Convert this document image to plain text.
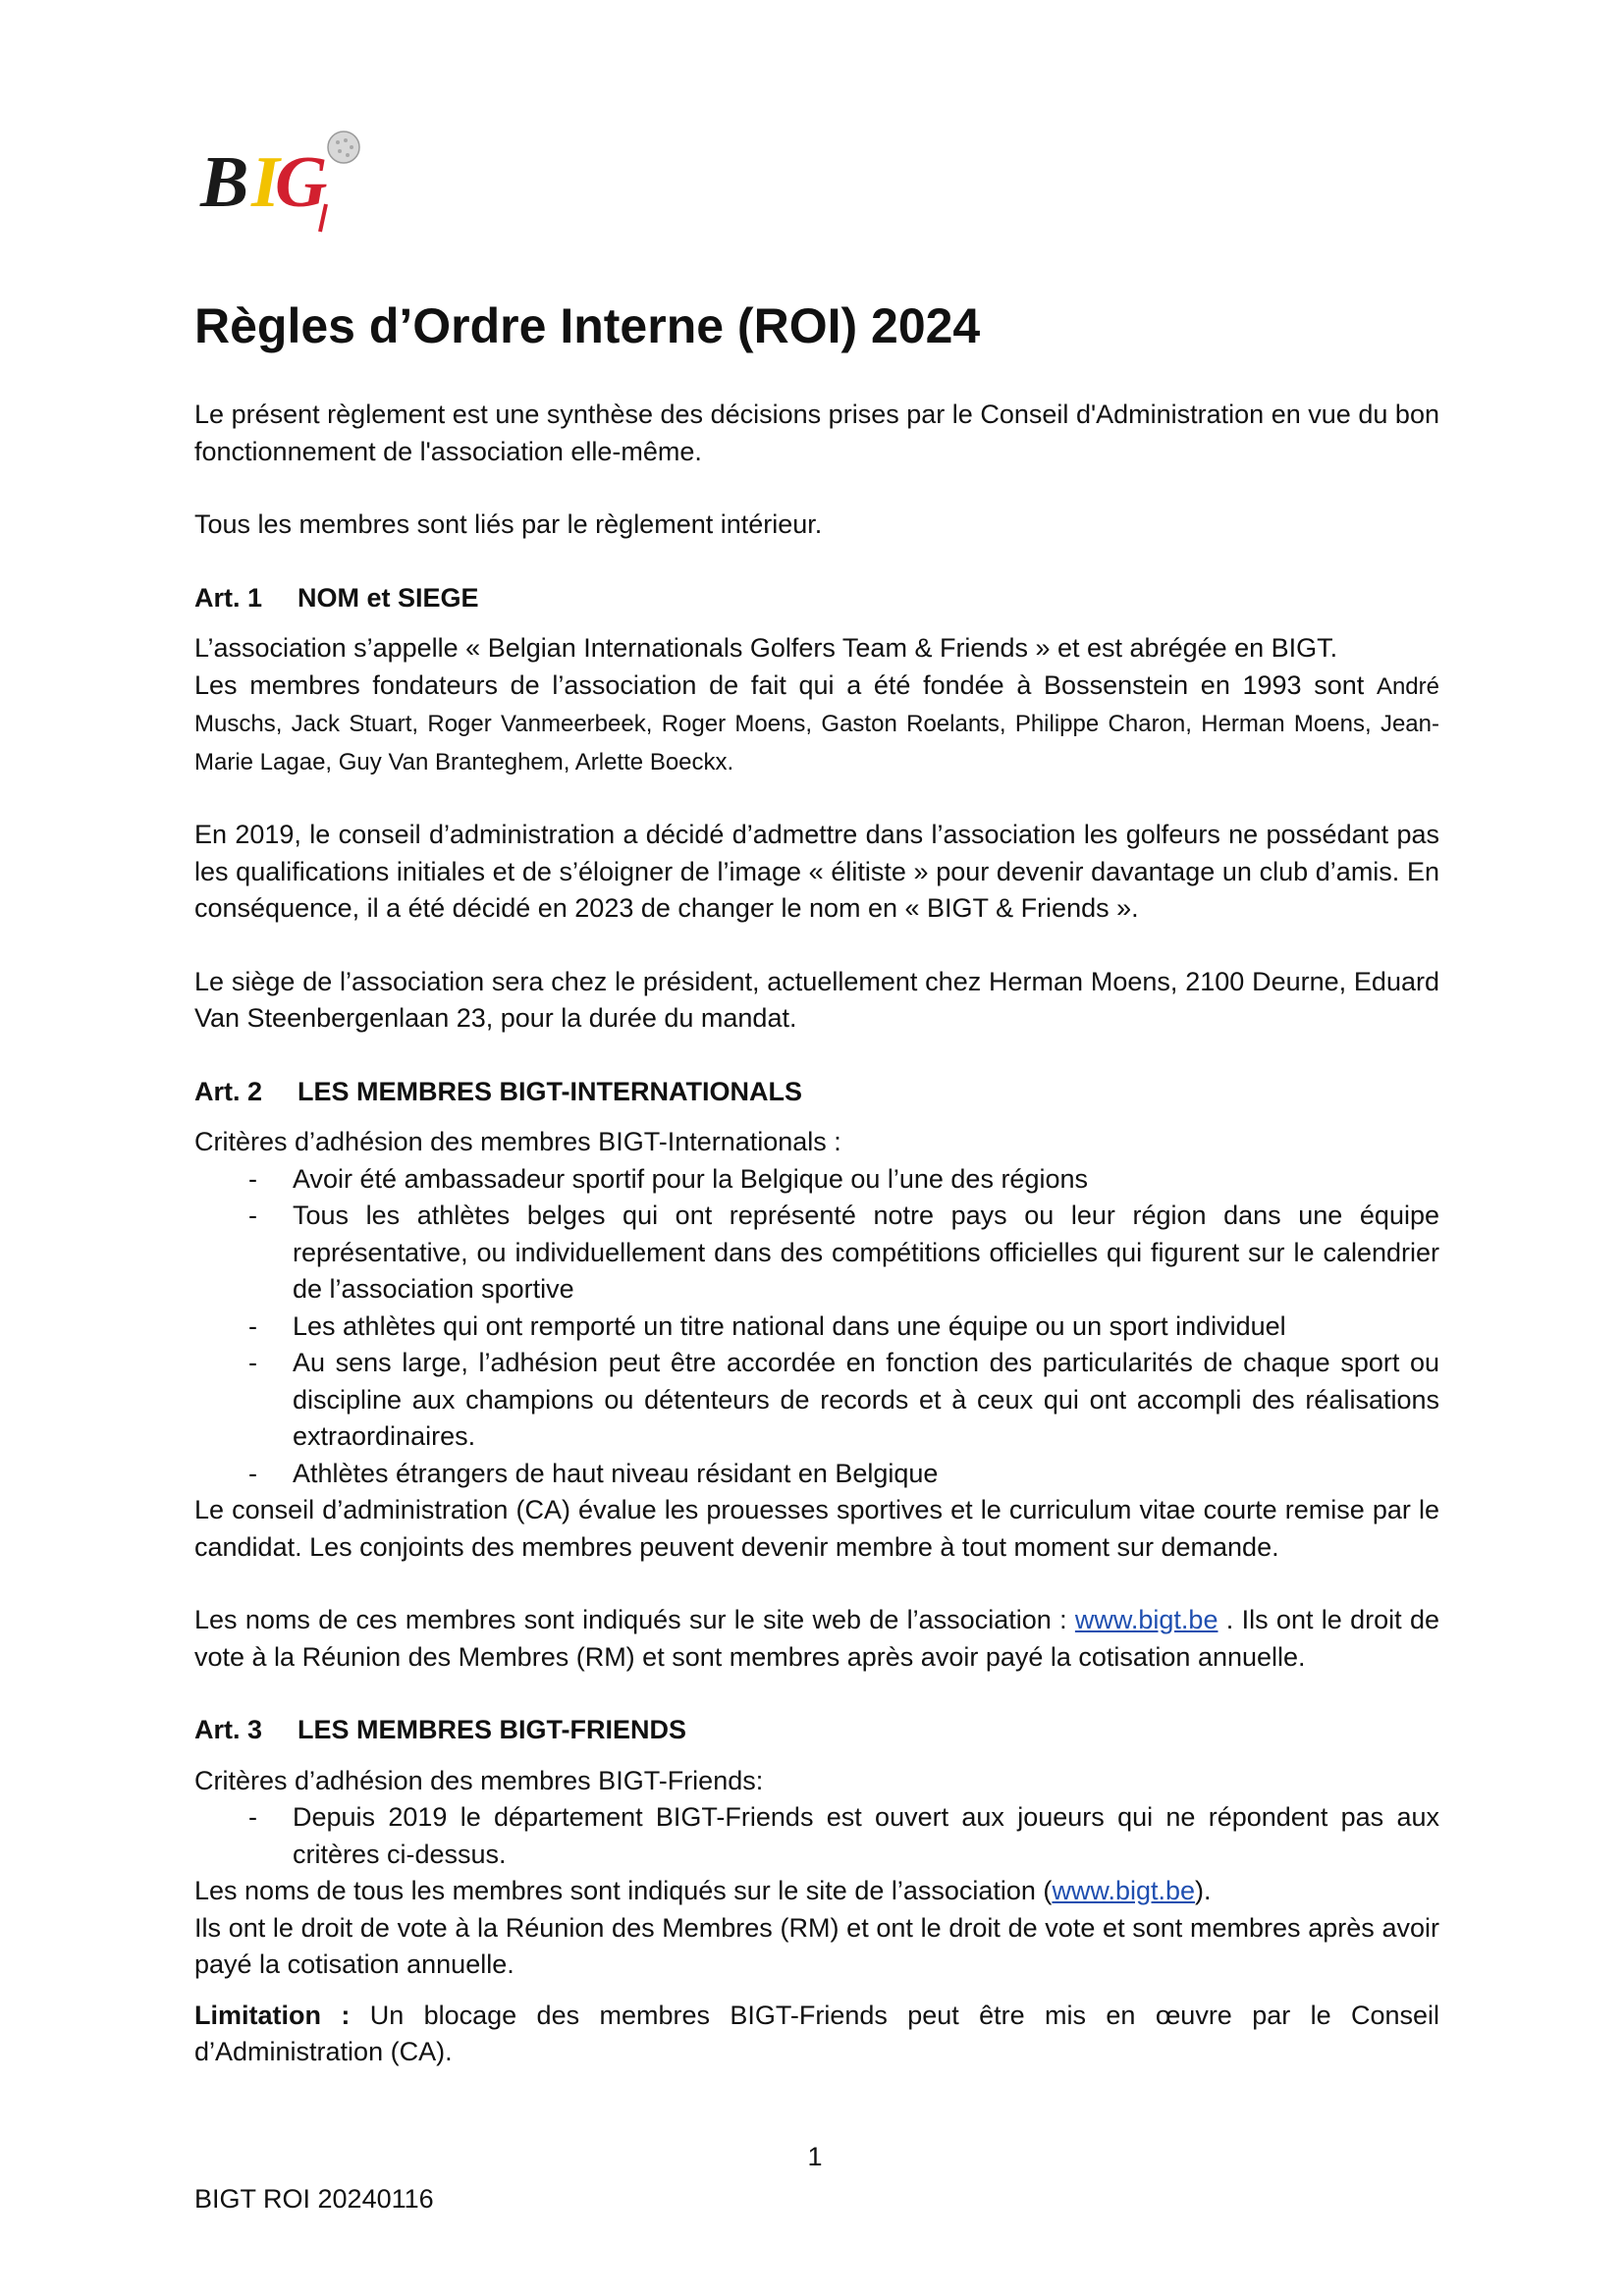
B I
G
Règles d’Ordre Interne (ROI) 2024

Le présent règlement est une synthèse des décisions prises par le Conseil d'Administration en vue du bon fonctionnement de l'association elle-même.

Tous les membres sont liés par le règlement intérieur.

Art. 1	NOM et SIEGE

L’association s’appelle « Belgian Internationals Golfers Team & Friends » et est abrégée en BIGT.

Les membres fondateurs de l’association de fait qui a été fondée à Bossenstein en 1993 sont André Muschs, Jack Stuart, Roger Vanmeerbeek, Roger Moens, Gaston Roelants, Philippe Charon, Herman Moens, Jean-Marie Lagae, Guy Van Branteghem, Arlette Boeckx.

En 2019, le conseil d’administration a décidé d’admettre dans l’association les golfeurs ne possédant pas les qualifications initiales et de s’éloigner de l’image « élitiste » pour devenir davantage un club d’amis. En conséquence, il a été décidé en 2023 de changer le nom en « BIGT & Friends ».

Le siège de l’association sera chez le président, actuellement chez Herman Moens, 2100 Deurne, Eduard Van Steenbergenlaan 23, pour la durée du mandat.

Art. 2	LES MEMBRES BIGT-INTERNATIONALS

Critères d’adhésion des membres BIGT-Internationals :

- Avoir été ambassadeur sportif pour la Belgique ou l’une des régions
- Tous les athlètes belges qui ont représenté notre pays ou leur région dans une équipe représentative, ou individuellement dans des compétitions officielles qui figurent sur le calendrier de l’association sportive
- Les athlètes qui ont remporté un titre national dans une équipe ou un sport individuel
- Au sens large, l’adhésion peut être accordée en fonction des particularités de chaque sport ou discipline aux champions ou détenteurs de records et à ceux qui ont accompli des réalisations extraordinaires.
- Athlètes étrangers de haut niveau résidant en Belgique

Le conseil d’administration (CA) évalue les prouesses sportives et le curriculum vitae courte remise par le candidat. Les conjoints des membres peuvent devenir membre à tout moment sur demande.

Les noms de ces membres sont indiqués sur le site web de l’association : www.bigt.be . Ils ont le droit de vote à la Réunion des Membres (RM) et sont membres après avoir payé la cotisation annuelle.

Art. 3	LES MEMBRES BIGT-FRIENDS

Critères d’adhésion des membres BIGT-Friends:

- Depuis 2019 le département BIGT-Friends est ouvert aux joueurs qui ne répondent pas aux critères ci-dessus.

Les noms de tous les membres sont indiqués sur le site de l’association (www.bigt.be).

Ils ont le droit de vote à la Réunion des Membres (RM) et ont le droit de vote et sont membres après avoir payé la cotisation annuelle.

Limitation : Un blocage des membres BIGT-Friends peut être mis en œuvre par le Conseil d’Administration (CA).

1
BIGT ROI 20240116
